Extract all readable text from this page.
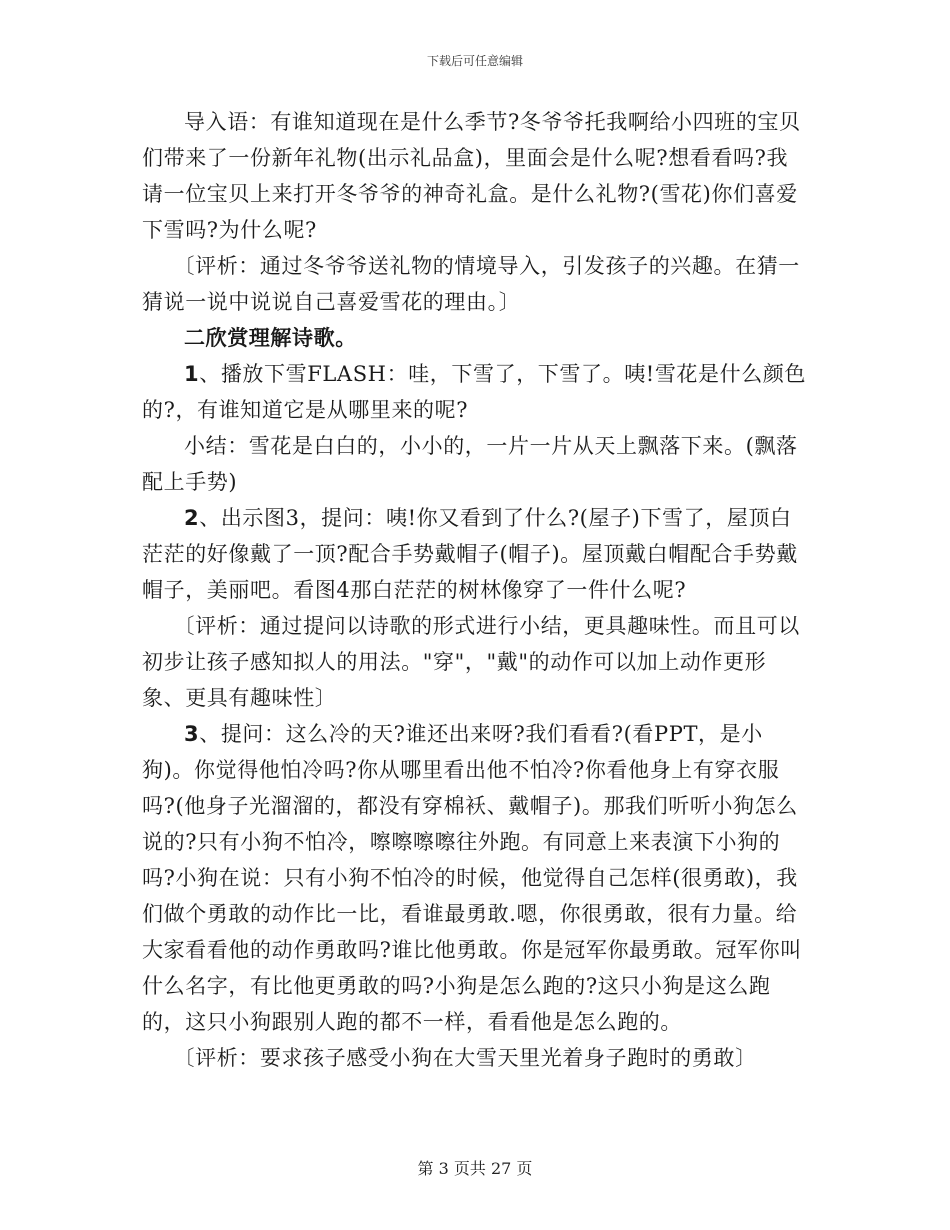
下载后可任意编辑

导入语：有谁知道现在是什么季节?冬爷爷托我啊给小四班的宝贝们带来了一份新年礼物(出示礼品盒)，里面会是什么呢?想看看吗?我请一位宝贝上来打开冬爷爷的神奇礼盒。是什么礼物?(雪花)你们喜爱下雪吗?为什么呢?

〔评析：通过冬爷爷送礼物的情境导入，引发孩子的兴趣。在猜一猜说一说中说说自己喜爱雪花的理由。〕

二欣赏理解诗歌。

1、播放下雪FLASH：哇，下雪了，下雪了。咦!雪花是什么颜色的?，有谁知道它是从哪里来的呢?

小结：雪花是白白的，小小的，一片一片从天上飘落下来。(飘落配上手势)

2、出示图3，提问：咦!你又看到了什么?(屋子)下雪了，屋顶白茫茫的好像戴了一顶?配合手势戴帽子(帽子)。屋顶戴白帽配合手势戴帽子，美丽吧。看图4那白茫茫的树林像穿了一件什么呢?

〔评析：通过提问以诗歌的形式进行小结，更具趣味性。而且可以初步让孩子感知拟人的用法。"穿"，"戴"的动作可以加上动作更形象、更具有趣味性〕

3、提问：这么冷的天?谁还出来呀?我们看看?(看PPT，是小狗)。你觉得他怕冷吗?你从哪里看出他不怕冷?你看他身上有穿衣服吗?(他身子光溜溜的，都没有穿棉袄、戴帽子)。那我们听听小狗怎么说的?只有小狗不怕冷，嚓嚓嚓嚓往外跑。有同意上来表演下小狗的吗?小狗在说：只有小狗不怕冷的时候，他觉得自己怎样(很勇敢)，我们做个勇敢的动作比一比，看谁最勇敢.嗯，你很勇敢，很有力量。给大家看看他的动作勇敢吗?谁比他勇敢。你是冠军你最勇敢。冠军你叫什么名字，有比他更勇敢的吗?小狗是怎么跑的?这只小狗是这么跑的，这只小狗跟别人跑的都不一样，看看他是怎么跑的。

〔评析：要求孩子感受小狗在大雪天里光着身子跑时的勇敢〕

第 3 页共 27 页
